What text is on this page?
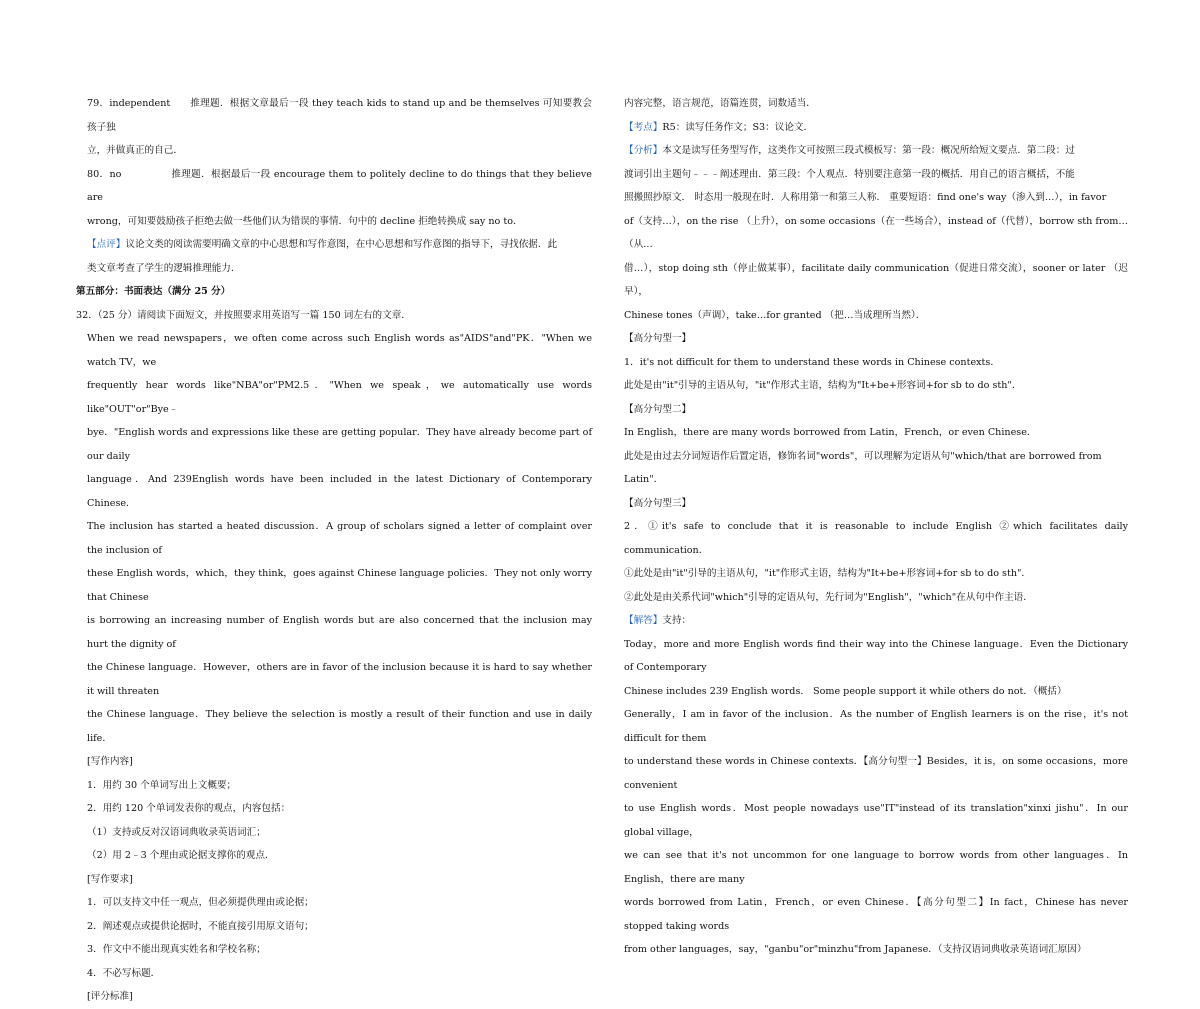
79．independent　　推理题．根据文章最后一段 they teach kids to stand up and be themselves 可知要教会孩子独

立，并做真正的自己．

80．no　　　　　推理题．根据最后一段 encourage them to politely decline to do things that they believe are

wrong，可知要鼓励孩子拒绝去做一些他们认为错误的事情．句中的 decline 拒绝转换成 say no to．

【点评】议论文类的阅读需要明确文章的中心思想和写作意图，在中心思想和写作意图的指导下，寻找依据．此

类文章考查了学生的逻辑推理能力．

第五部分：书面表达（满分 25 分）

32．（25 分）请阅读下面短文，并按照要求用英语写一篇 150 词左右的文章．

When we read newspapers，we often come across such English words as"AIDS"and"PK．"When we watch TV，we

frequently hear words like"NBA"or"PM2.5．"When we speak，we automatically use words like"OUT"or"Bye﹣

bye．"English words and expressions like these are getting popular．They have already become part of our daily

language．And 239English words have been included in the latest Dictionary of Contemporary Chinese．

The inclusion has started a heated discussion．A group of scholars signed a letter of complaint over the inclusion of

these English words，which，they think，goes against Chinese language policies．They not only worry that Chinese

is borrowing an increasing number of English words but are also concerned that the inclusion may hurt the dignity of

the Chinese language．However，others are in favor of the inclusion because it is hard to say whether it will threaten

the Chinese language．They believe the selection is mostly a result of their function and use in daily life．

[写作内容]

1．用约 30 个单词写出上文概要；

2．用约 120 个单词发表你的观点，内容包括：

（1）支持或反对汉语词典收录英语词汇；

（2）用 2﹣3 个理由或论据支撑你的观点．

[写作要求]

1．可以支持文中任一观点，但必须提供理由或论据；

2．阐述观点或提供论据时，不能直接引用原文语句；

3．作文中不能出现真实姓名和学校名称；

4．不必写标题．

[评分标准]

内容完整，语言规范，语篇连贯，词数适当．

【考点】R5：读写任务作文；S3：议论文．

【分析】本文是读写任务型写作，这类作文可按照三段式模板写：第一段：概况所给短文要点．第二段：过

渡词引出主题句﹣﹣﹣阐述理由．第三段：个人观点．特别要注意第一段的概括．用自己的语言概括，不能

照搬照抄原文． 时态用一般现在时．人称用第一和第三人称． 重要短语：find one's way（渗入到…），in favor

of（支持…），on the rise （上升），on some occasions（在一些场合），instead of（代替），borrow sth from…（从…

借…），stop doing sth（停止做某事），facilitate daily communication（促进日常交流），sooner or later （迟早），

Chinese tones（声调），take…for granted （把…当成理所当然）．

【高分句型一】

1．it's not difficult for them to understand these words in Chinese contexts．

此处是由"it"引导的主语从句，"it"作形式主语，结构为"It+be+形容词+for sb to do sth"．

【高分句型二】

In English，there are many words borrowed from Latin，French，or even Chinese．

此处是由过去分词短语作后置定语，修饰名词"words"，可以理解为定语从句"which/that are borrowed from

Latin"．

【高分句型三】

2．①it's safe to conclude that it is reasonable to include English ②which facilitates daily communication．

①此处是由"it"引导的主语从句，"it"作形式主语，结构为"It+be+形容词+for sb to do sth"．

②此处是由关系代词"which"引导的定语从句，先行词为"English"，"which"在从句中作主语．

【解答】支持：

Today，more and more English words find their way into the Chinese language．Even the Dictionary of Contemporary

Chinese includes 239 English words． Some people support it while others do not．（概括）

Generally，I am in favor of the inclusion．As the number of English learners is on the rise，it's not difficult for them

to understand these words in Chinese contexts．【高分句型一】Besides，it is，on some occasions，more convenient

to use English words．Most people nowadays use"IT"instead of its translation"xinxi jishu"．In our global village，

we can see that it's not uncommon for one language to borrow words from other languages．In English，there are many

words borrowed from Latin，French，or even Chinese．【高分句型二】In fact，Chinese has never stopped taking words

from other languages，say，"ganbu"or"minzhu"from Japanese．（支持汉语词典收录英语词汇原因）
